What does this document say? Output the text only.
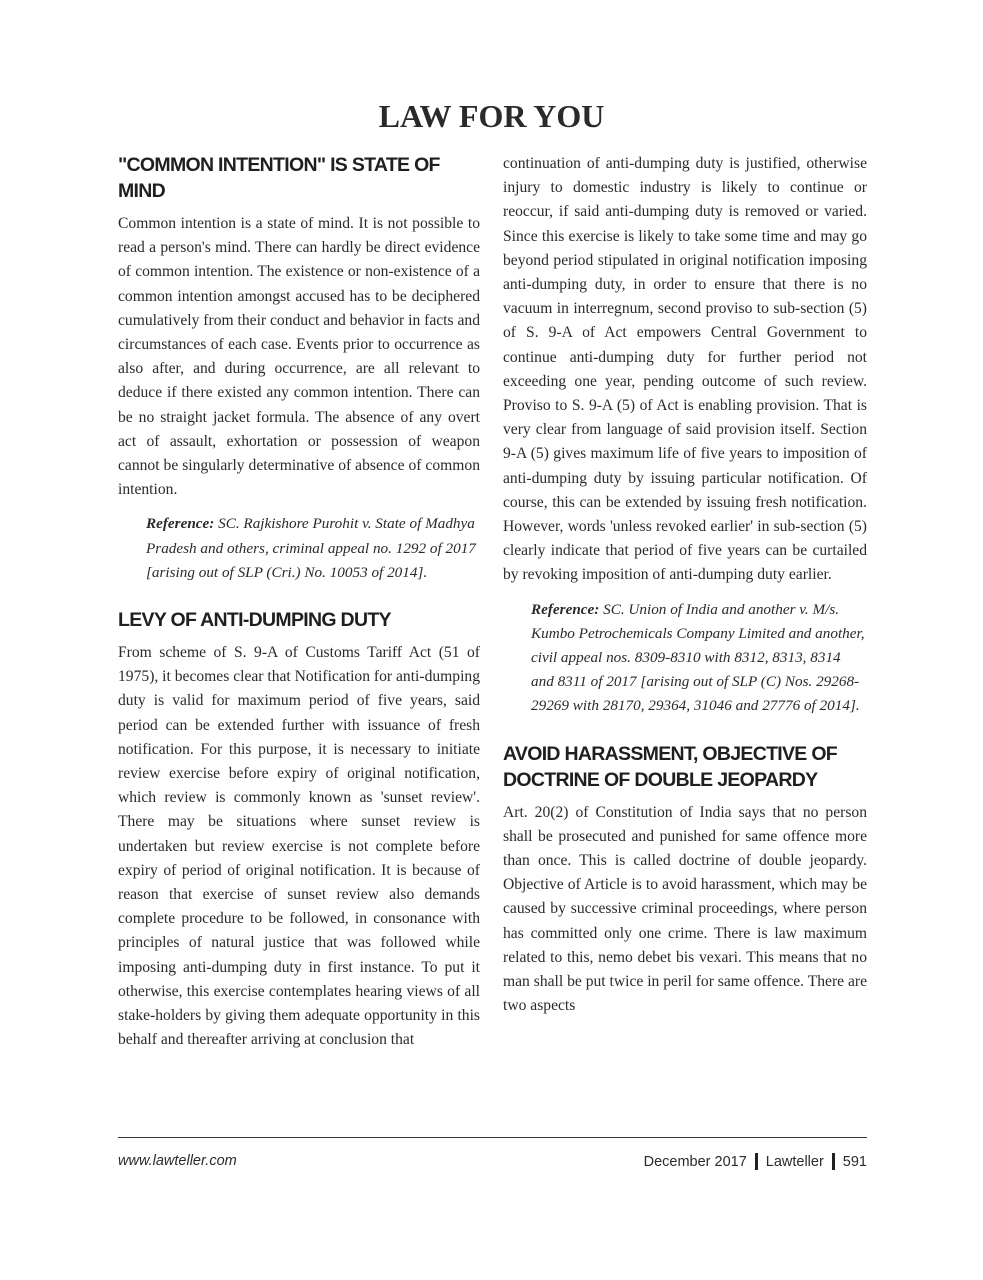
LAW FOR YOU
"COMMON INTENTION" IS STATE OF MIND

Common intention is a state of mind. It is not possible to read a person's mind. There can hardly be direct evidence of common intention. The existence or non-existence of a common intention amongst accused has to be deciphered cumulatively from their conduct and behavior in facts and circumstances of each case. Events prior to occurrence as also after, and during occurrence, are all relevant to deduce if there existed any common intention. There can be no straight jacket formula. The absence of any overt act of assault, exhortation or possession of weapon cannot be singularly determinative of absence of common intention.

Reference: SC. Rajkishore Purohit v. State of Madhya Pradesh and others, criminal appeal no. 1292 of 2017 [arising out of SLP (Cri.) No. 10053 of 2014].

LEVY OF ANTI-DUMPING DUTY

From scheme of S. 9-A of Customs Tariff Act (51 of 1975), it becomes clear that Notification for anti-dumping duty is valid for maximum period of five years, said period can be extended further with issuance of fresh notification. For this purpose, it is necessary to initiate review exercise before expiry of original notification, which review is commonly known as 'sunset review'. There may be situations where sunset review is undertaken but review exercise is not complete before expiry of period of original notification. It is because of reason that exercise of sunset review also demands complete procedure to be followed, in consonance with principles of natural justice that was followed while imposing anti-dumping duty in first instance. To put it otherwise, this exercise contemplates hearing views of all stake-holders by giving them adequate opportunity in this behalf and thereafter arriving at conclusion that

continuation of anti-dumping duty is justified, otherwise injury to domestic industry is likely to continue or reoccur, if said anti-dumping duty is removed or varied. Since this exercise is likely to take some time and may go beyond period stipulated in original notification imposing anti-dumping duty, in order to ensure that there is no vacuum in interregnum, second proviso to sub-section (5) of S. 9-A of Act empowers Central Government to continue anti-dumping duty for further period not exceeding one year, pending outcome of such review. Proviso to S. 9-A (5) of Act is enabling provision. That is very clear from language of said provision itself. Section 9-A (5) gives maximum life of five years to imposition of anti-dumping duty by issuing particular notification. Of course, this can be extended by issuing fresh notification. However, words 'unless revoked earlier' in sub-section (5) clearly indicate that period of five years can be curtailed by revoking imposition of anti-dumping duty earlier.

Reference: SC. Union of India and another v. M/s. Kumbo Petrochemicals Company Limited and another, civil appeal nos. 8309-8310 with 8312, 8313, 8314 and 8311 of 2017 [arising out of SLP (C) Nos. 29268-29269 with 28170, 29364, 31046 and 27776 of 2014].

AVOID HARASSMENT, OBJECTIVE OF DOCTRINE OF DOUBLE JEOPARDY

Art. 20(2) of Constitution of India says that no person shall be prosecuted and punished for same offence more than once. This is called doctrine of double jeopardy. Objective of Article is to avoid harassment, which may be caused by successive criminal proceedings, where person has committed only one crime. There is law maximum related to this, nemo debet bis vexari. This means that no man shall be put twice in peril for same offence. There are two aspects

www.lawteller.com	December 2017 Lawteller 591
